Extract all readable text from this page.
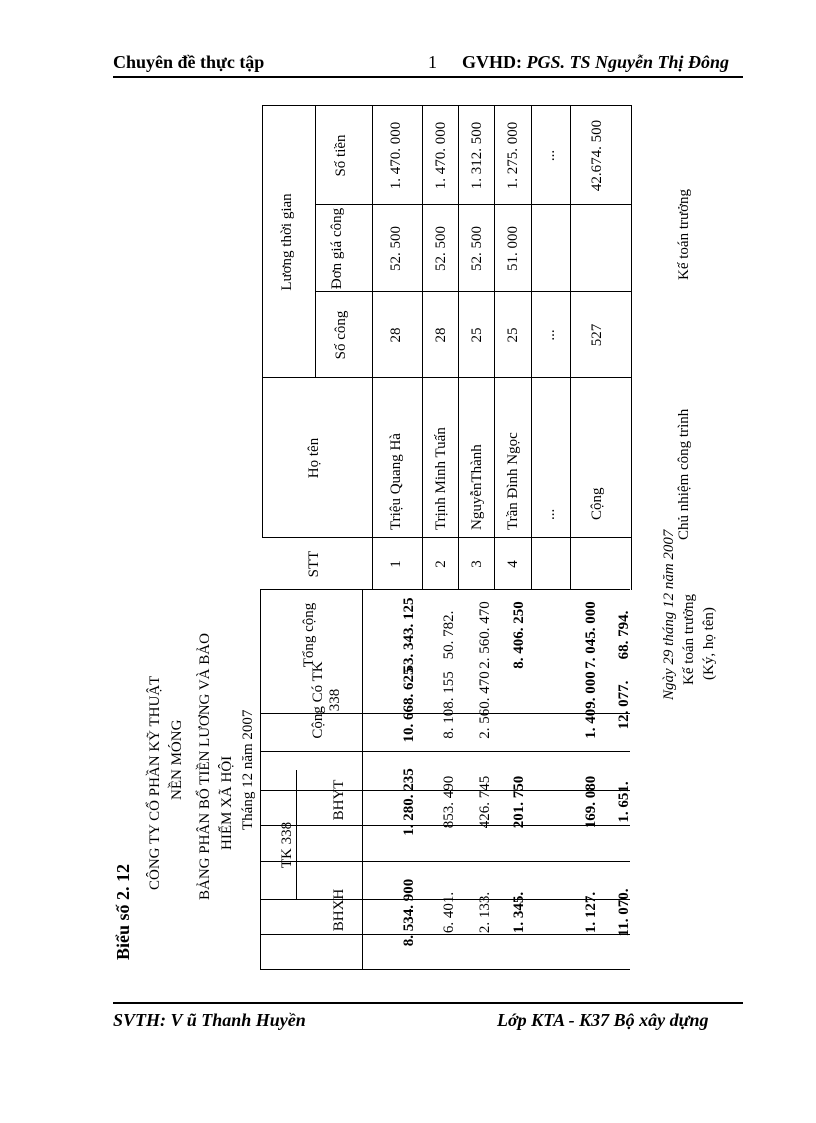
Chuyên đề thực tập	1 GVHD: PGS. TS Nguyễn Thị Đông
Biểu số 2. 12
CÔNG TY CỔ PHẦN KỸ THUẬT NỀN MÓNG BẢNG PHÂN BỔ TIỀN LƯƠNG VÀ BẢO HIỂM XÃ HỘI Tháng 12 năm 2007
TK 338
BHXH
BHYT
Cộng Có TK 338
Tổng cộng
8. 534. 900
1. 280. 235
10. 668. 625
53. 343. 125
6. 401.
853. 490
8. 108. 155
50. 782.
2. 133.
426. 745
2. 560. 470
2. 560. 470
1. 345.
201. 750
8. 406. 250
1. 127.
169. 080
1. 409. 000
7. 045. 000
11. 070.
1. 651.
12. 077.
68. 794.
STT
Họ tên
Lương thời gian
Số công
Đơn giá công
Số tiền
1
Triệu Quang Hà
28
52. 500
1. 470. 000
2
Trịnh Minh Tuấn
28
52. 500
1. 470. 000
3
NguyễnThành
25
52. 500
1. 312. 500
4
Trần Đình Ngọc
25
51. 000
1. 275. 000
...
...
...
Cộng
527
42.674. 500
Ngày 29 tháng 12 năm 2007 Kế toán trưởng (Ký, họ tên)
Chủ nhiệm công trình
Kế toán trưởng
SVTH: V ũ Thanh Huyền	Lớp KTA - K37 Bộ xây dựng
